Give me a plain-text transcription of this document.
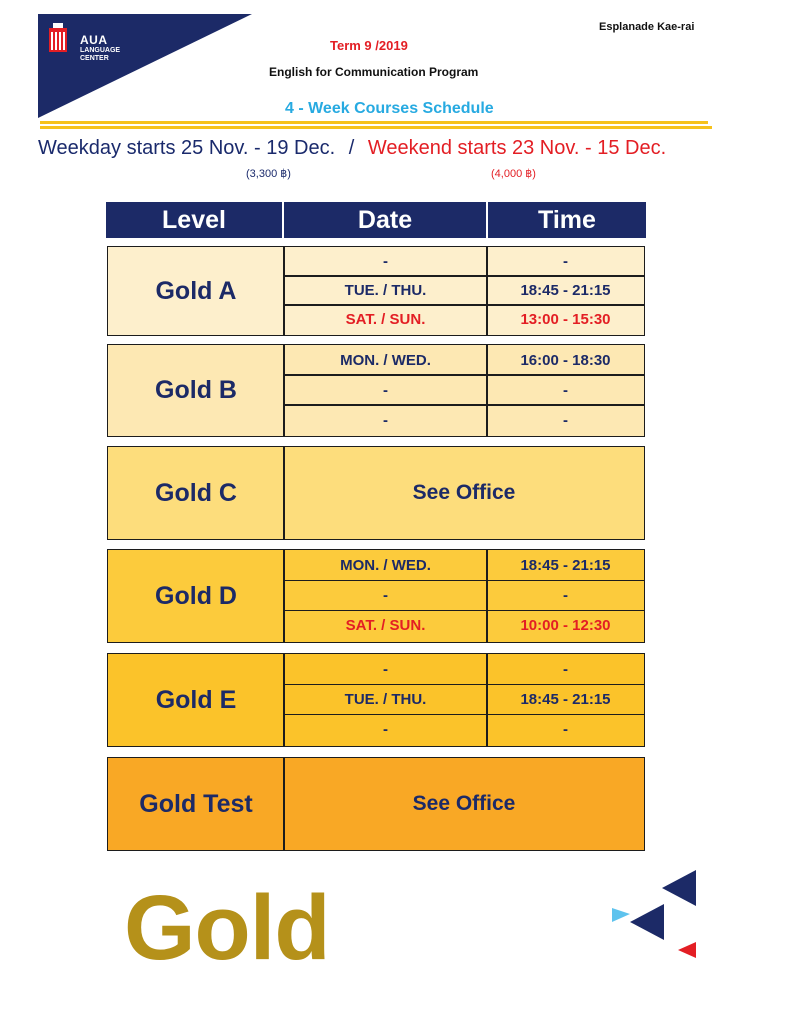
AUA
LANGUAGE
CENTER
Esplanade Kae-rai
Term 9 /2019
English for Communication Program
4 - Week Courses Schedule
Weekday starts 25 Nov. - 19 Dec. / Weekend starts 23 Nov. - 15 Dec.
(3,300 ฿)	(4,000 ฿)
Level	Date	Time
Gold A
-	-
TUE. / THU.	18:45 - 21:15
SAT. / SUN.	13:00 - 15:30
Gold B
MON. / WED.	16:00 - 18:30
-	-
-	-
Gold C	See Office
Gold D
MON. / WED.	18:45 - 21:15
-	-
SAT. / SUN.	10:00 - 12:30
Gold E
-	-
TUE. / THU.	18:45 - 21:15
-	-
Gold Test	See Office
Gold
